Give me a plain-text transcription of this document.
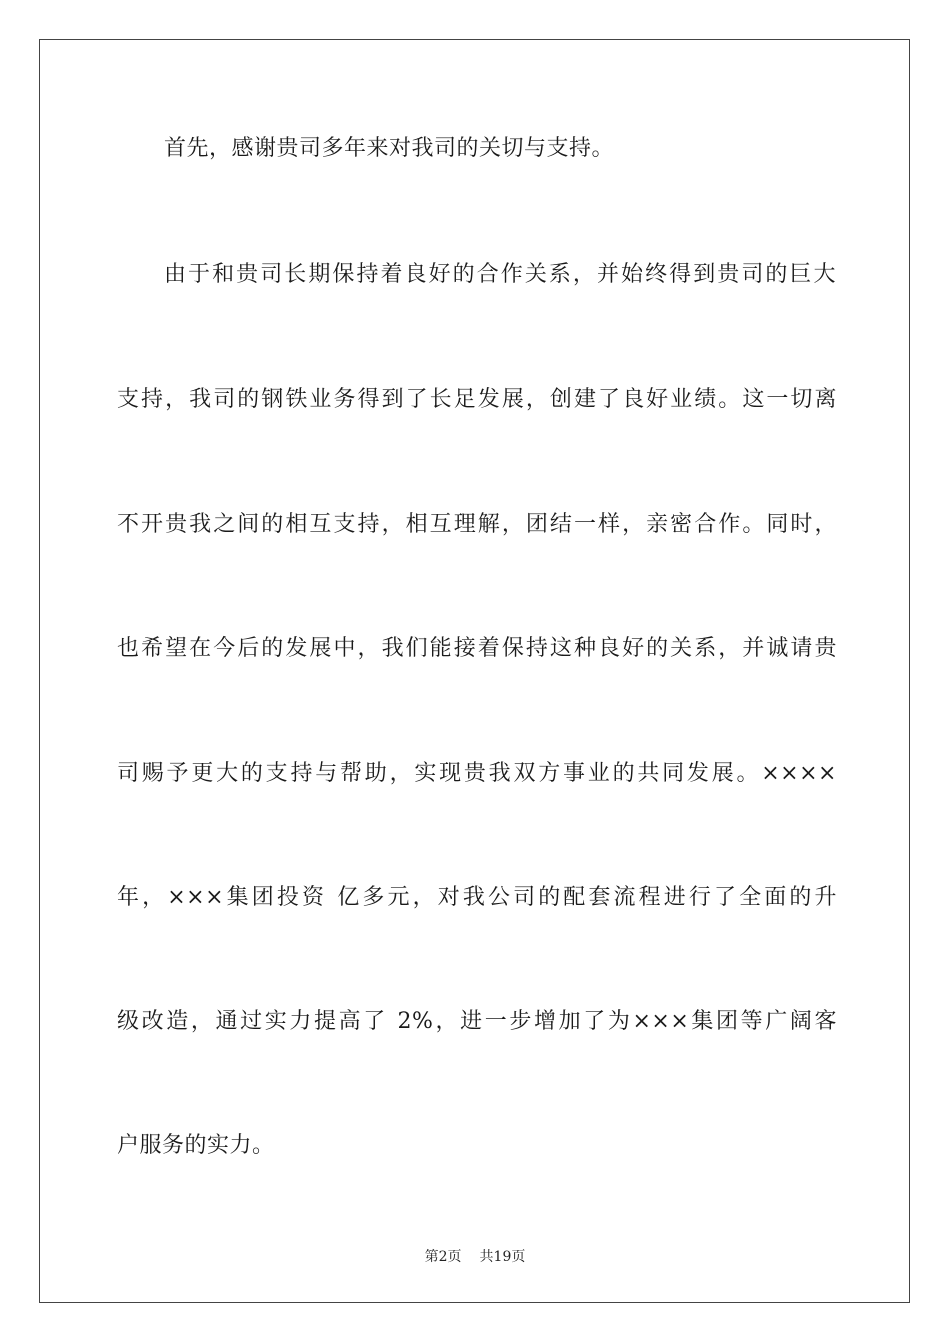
首先，感谢贵司多年来对我司的关切与支持。
由于和贵司长期保持着良好的合作关系，并始终得到贵司的巨大
支持，我司的钢铁业务得到了长足发展，创建了良好业绩。这一切离
不开贵我之间的相互支持，相互理解，团结一样，亲密合作。同时，
也希望在今后的发展中，我们能接着保持这种良好的关系，并诚请贵
司赐予更大的支持与帮助，实现贵我双方事业的共同发展。××××
年，×××集团投资 亿多元，对我公司的配套流程进行了全面的升
级改造，通过实力提高了 2%，进一步增加了为×××集团等广阔客
户服务的实力。
第2页 共19页
